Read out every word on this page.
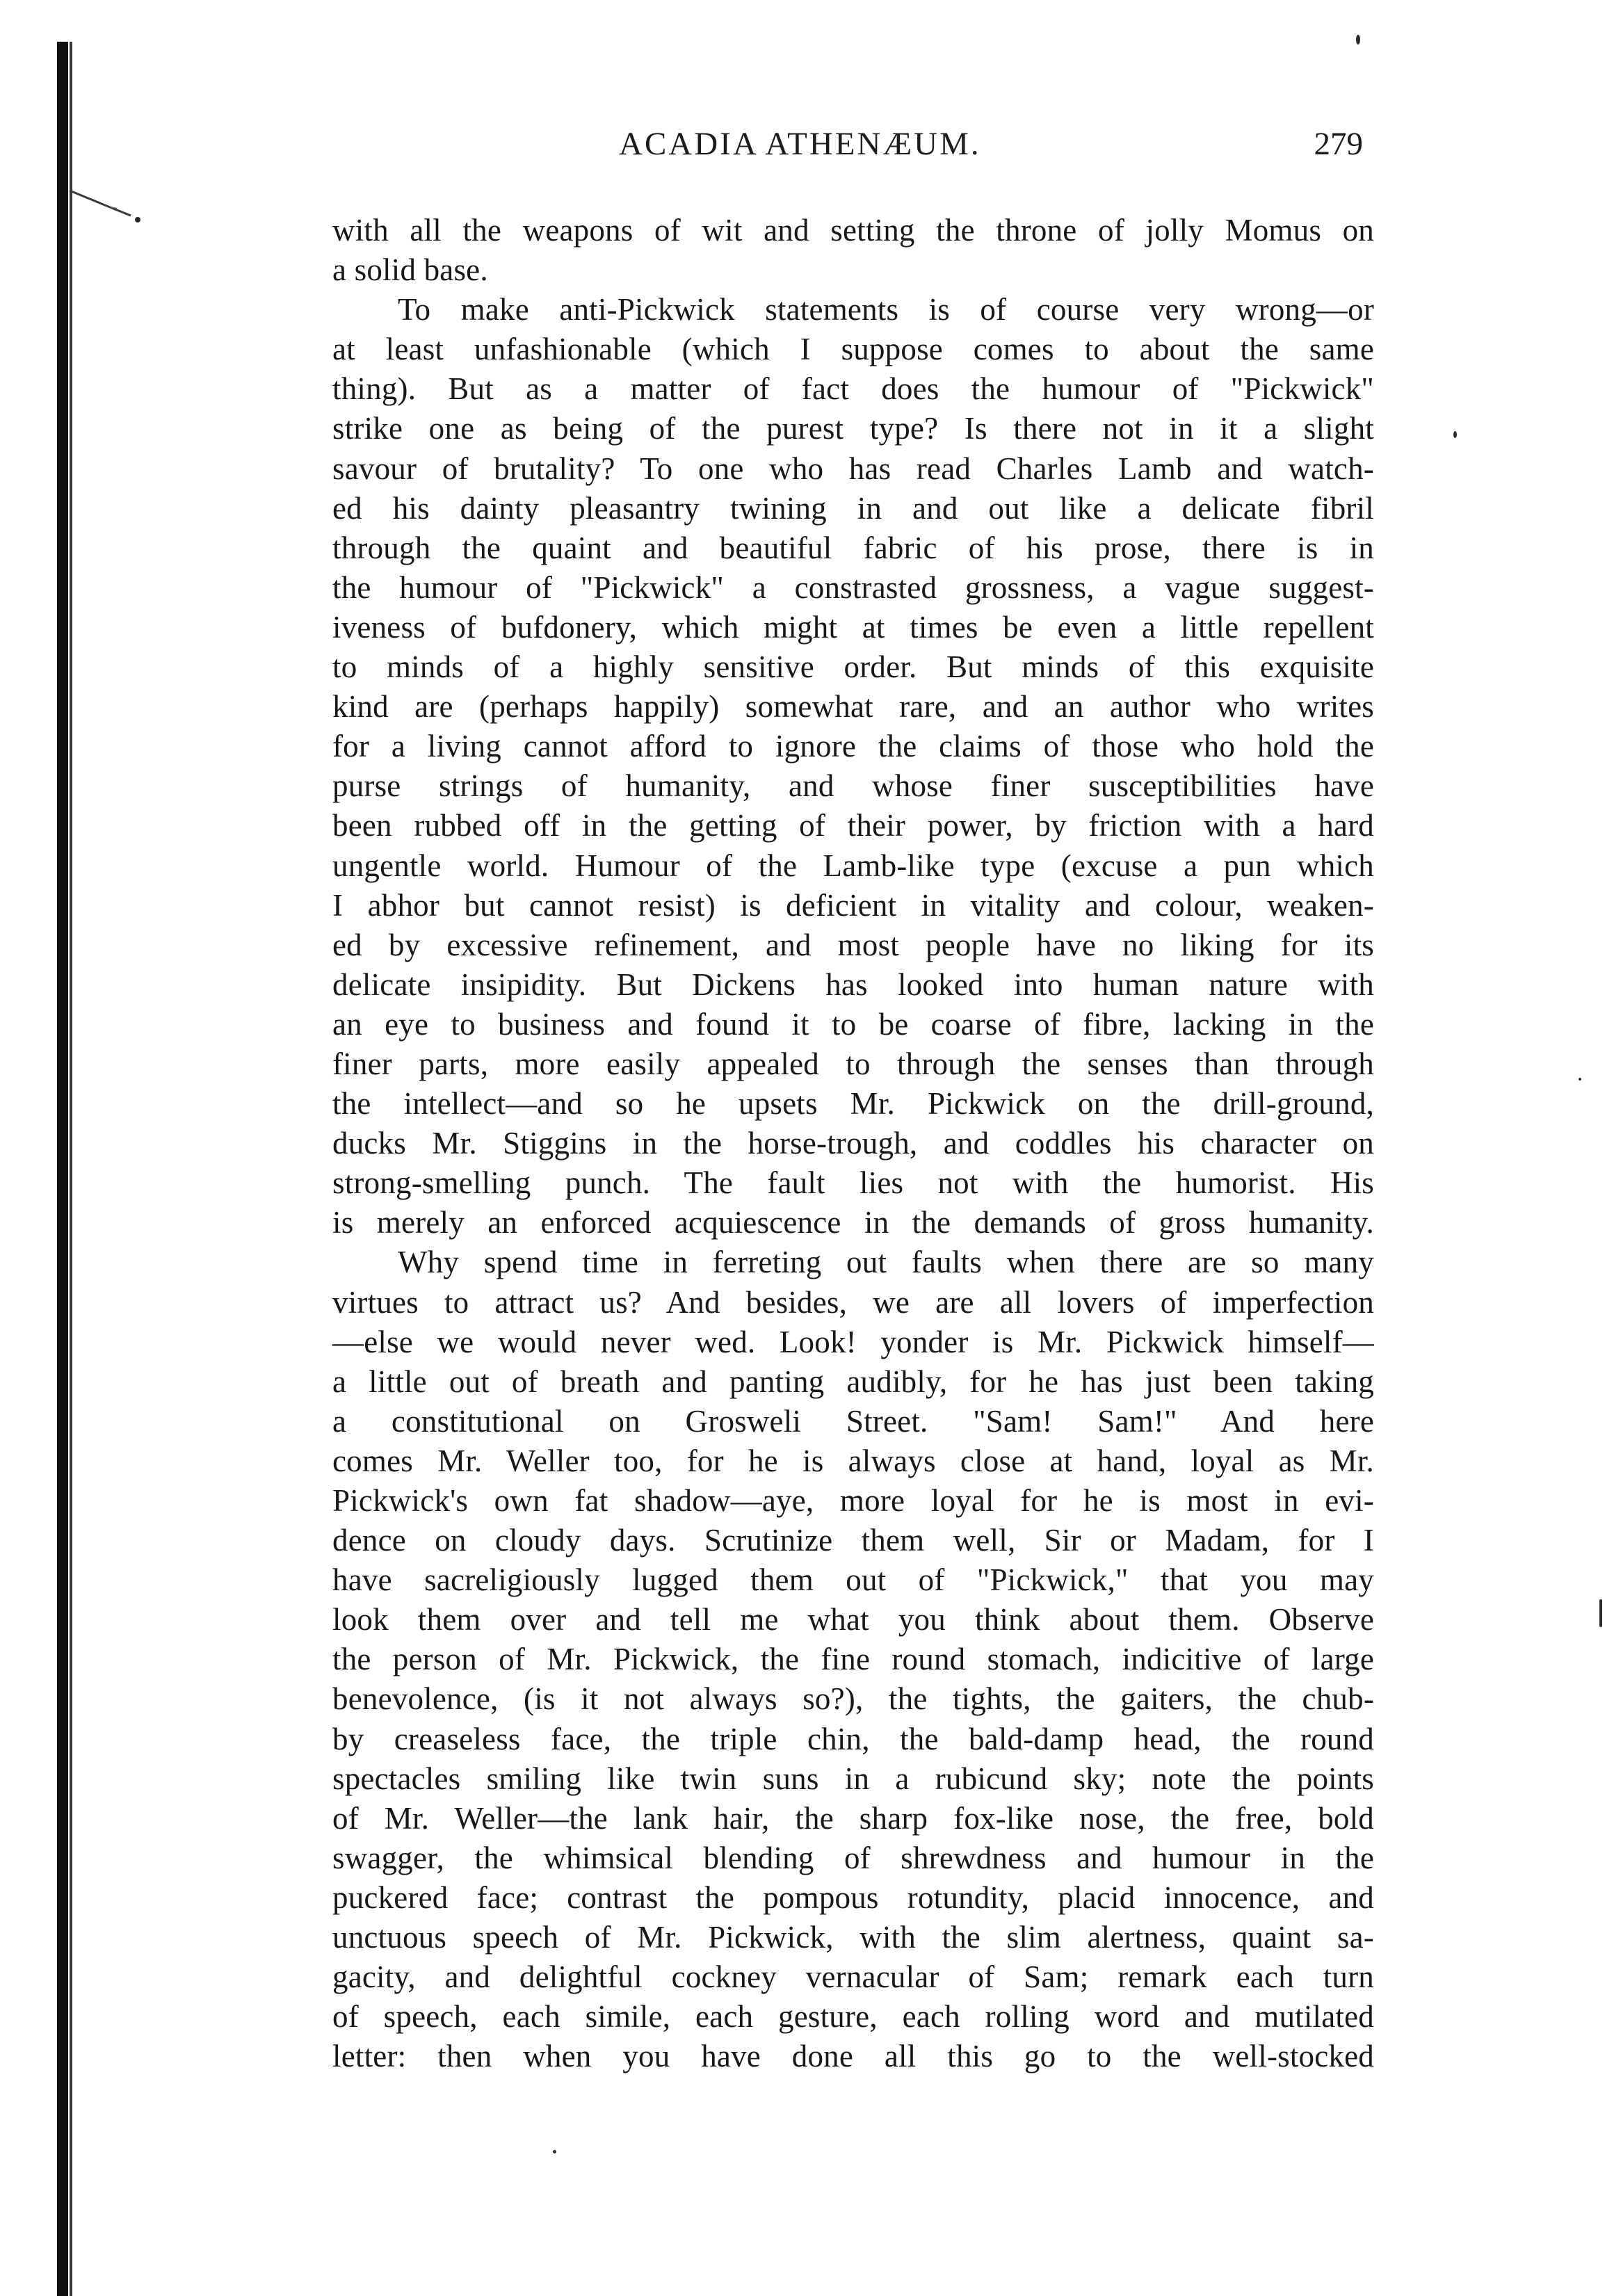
ACADIA ATHENÆUM.	279

with all the weapons of wit and setting the throne of jolly Momus on
a solid base.

To make anti-Pickwick statements is of course very wrong—or
at least unfashionable (which I suppose comes to about the same
thing). But as a matter of fact does the humour of "Pickwick"
strike one as being of the purest type? Is there not in it a slight
savour of brutality? To one who has read Charles Lamb and watch-
ed his dainty pleasantry twining in and out like a delicate fibril
through the quaint and beautiful fabric of his prose, there is in
the humour of "Pickwick" a constrasted grossness, a vague suggest-
iveness of bufdonery, which might at times be even a little repellent
to minds of a highly sensitive order. But minds of this exquisite
kind are (perhaps happily) somewhat rare, and an author who writes
for a living cannot afford to ignore the claims of those who hold the
purse strings of humanity, and whose finer susceptibilities have
been rubbed off in the getting of their power, by friction with a hard
ungentle world. Humour of the Lamb-like type (excuse a pun which
I abhor but cannot resist) is deficient in vitality and colour, weaken-
ed by excessive refinement, and most people have no liking for its
delicate insipidity. But Dickens has looked into human nature with
an eye to business and found it to be coarse of fibre, lacking in the
finer parts, more easily appealed to through the senses than through
the intellect—and so he upsets Mr. Pickwick on the drill-ground,
ducks Mr. Stiggins in the horse-trough, and coddles his character on
strong-smelling punch. The fault lies not with the humorist. His
is merely an enforced acquiescence in the demands of gross humanity.

Why spend time in ferreting out faults when there are so many
virtues to attract us? And besides, we are all lovers of imperfection
—else we would never wed. Look! yonder is Mr. Pickwick himself—
a little out of breath and panting audibly, for he has just been taking
a constitutional on Grosweli Street. "Sam! Sam!" And here
comes Mr. Weller too, for he is always close at hand, loyal as Mr.
Pickwick's own fat shadow—aye, more loyal for he is most in evi-
dence on cloudy days. Scrutinize them well, Sir or Madam, for I
have sacreligiously lugged them out of "Pickwick," that you may
look them over and tell me what you think about them. Observe
the person of Mr. Pickwick, the fine round stomach, indicitive of large
benevolence, (is it not always so?), the tights, the gaiters, the chub-
by creaseless face, the triple chin, the bald-damp head, the round
spectacles smiling like twin suns in a rubicund sky; note the points
of Mr. Weller—the lank hair, the sharp fox-like nose, the free, bold
swagger, the whimsical blending of shrewdness and humour in the
puckered face; contrast the pompous rotundity, placid innocence, and
unctuous speech of Mr. Pickwick, with the slim alertness, quaint sa-
gacity, and delightful cockney vernacular of Sam; remark each turn
of speech, each simile, each gesture, each rolling word and mutilated
letter: then when you have done all this go to the well-stocked
